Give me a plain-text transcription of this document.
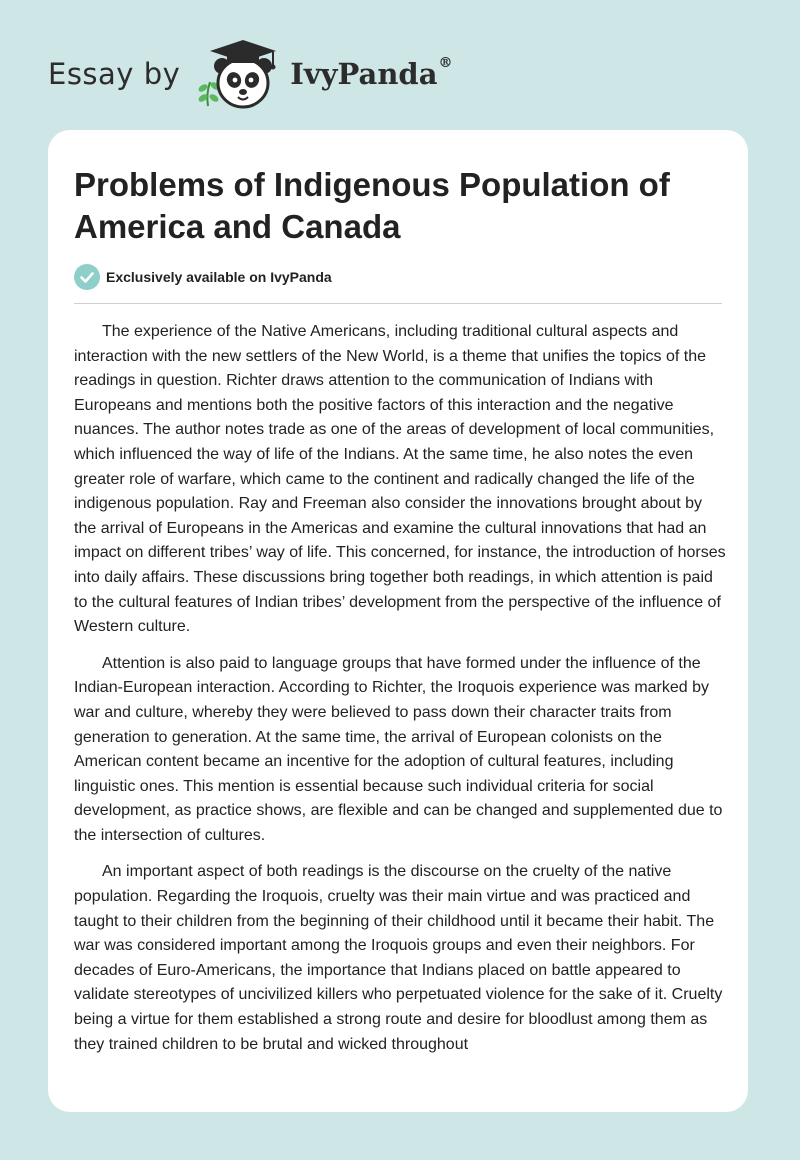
Essay by	IvyPanda®
Problems of Indigenous Population of America and Canada
Exclusively available on IvyPanda

The experience of the Native Americans, including traditional cultural aspects and interaction with the new settlers of the New World, is a theme that unifies the topics of the readings in question. Richter draws attention to the communication of Indians with Europeans and mentions both the positive factors of this interaction and the negative nuances. The author notes trade as one of the areas of development of local communities, which influenced the way of life of the Indians. At the same time, he also notes the even greater role of warfare, which came to the continent and radically changed the life of the indigenous population. Ray and Freeman also consider the innovations brought about by the arrival of Europeans in the Americas and examine the cultural innovations that had an impact on different tribes’ way of life. This concerned, for instance, the introduction of horses into daily affairs. These discussions bring together both readings, in which attention is paid to the cultural features of Indian tribes’ development from the perspective of the influence of Western culture.

Attention is also paid to language groups that have formed under the influence of the Indian-European interaction. According to Richter, the Iroquois experience was marked by war and culture, whereby they were believed to pass down their character traits from generation to generation. At the same time, the arrival of European colonists on the American content became an incentive for the adoption of cultural features, including linguistic ones. This mention is essential because such individual criteria for social development, as practice shows, are flexible and can be changed and supplemented due to the intersection of cultures.

An important aspect of both readings is the discourse on the cruelty of the native population. Regarding the Iroquois, cruelty was their main virtue and was practiced and taught to their children from the beginning of their childhood until it became their habit. The war was considered important among the Iroquois groups and even their neighbors. For decades of Euro-Americans, the importance that Indians placed on battle appeared to validate stereotypes of uncivilized killers who perpetuated violence for the sake of it. Cruelty being a virtue for them established a strong route and desire for bloodlust among them as they trained children to be brutal and wicked throughout
